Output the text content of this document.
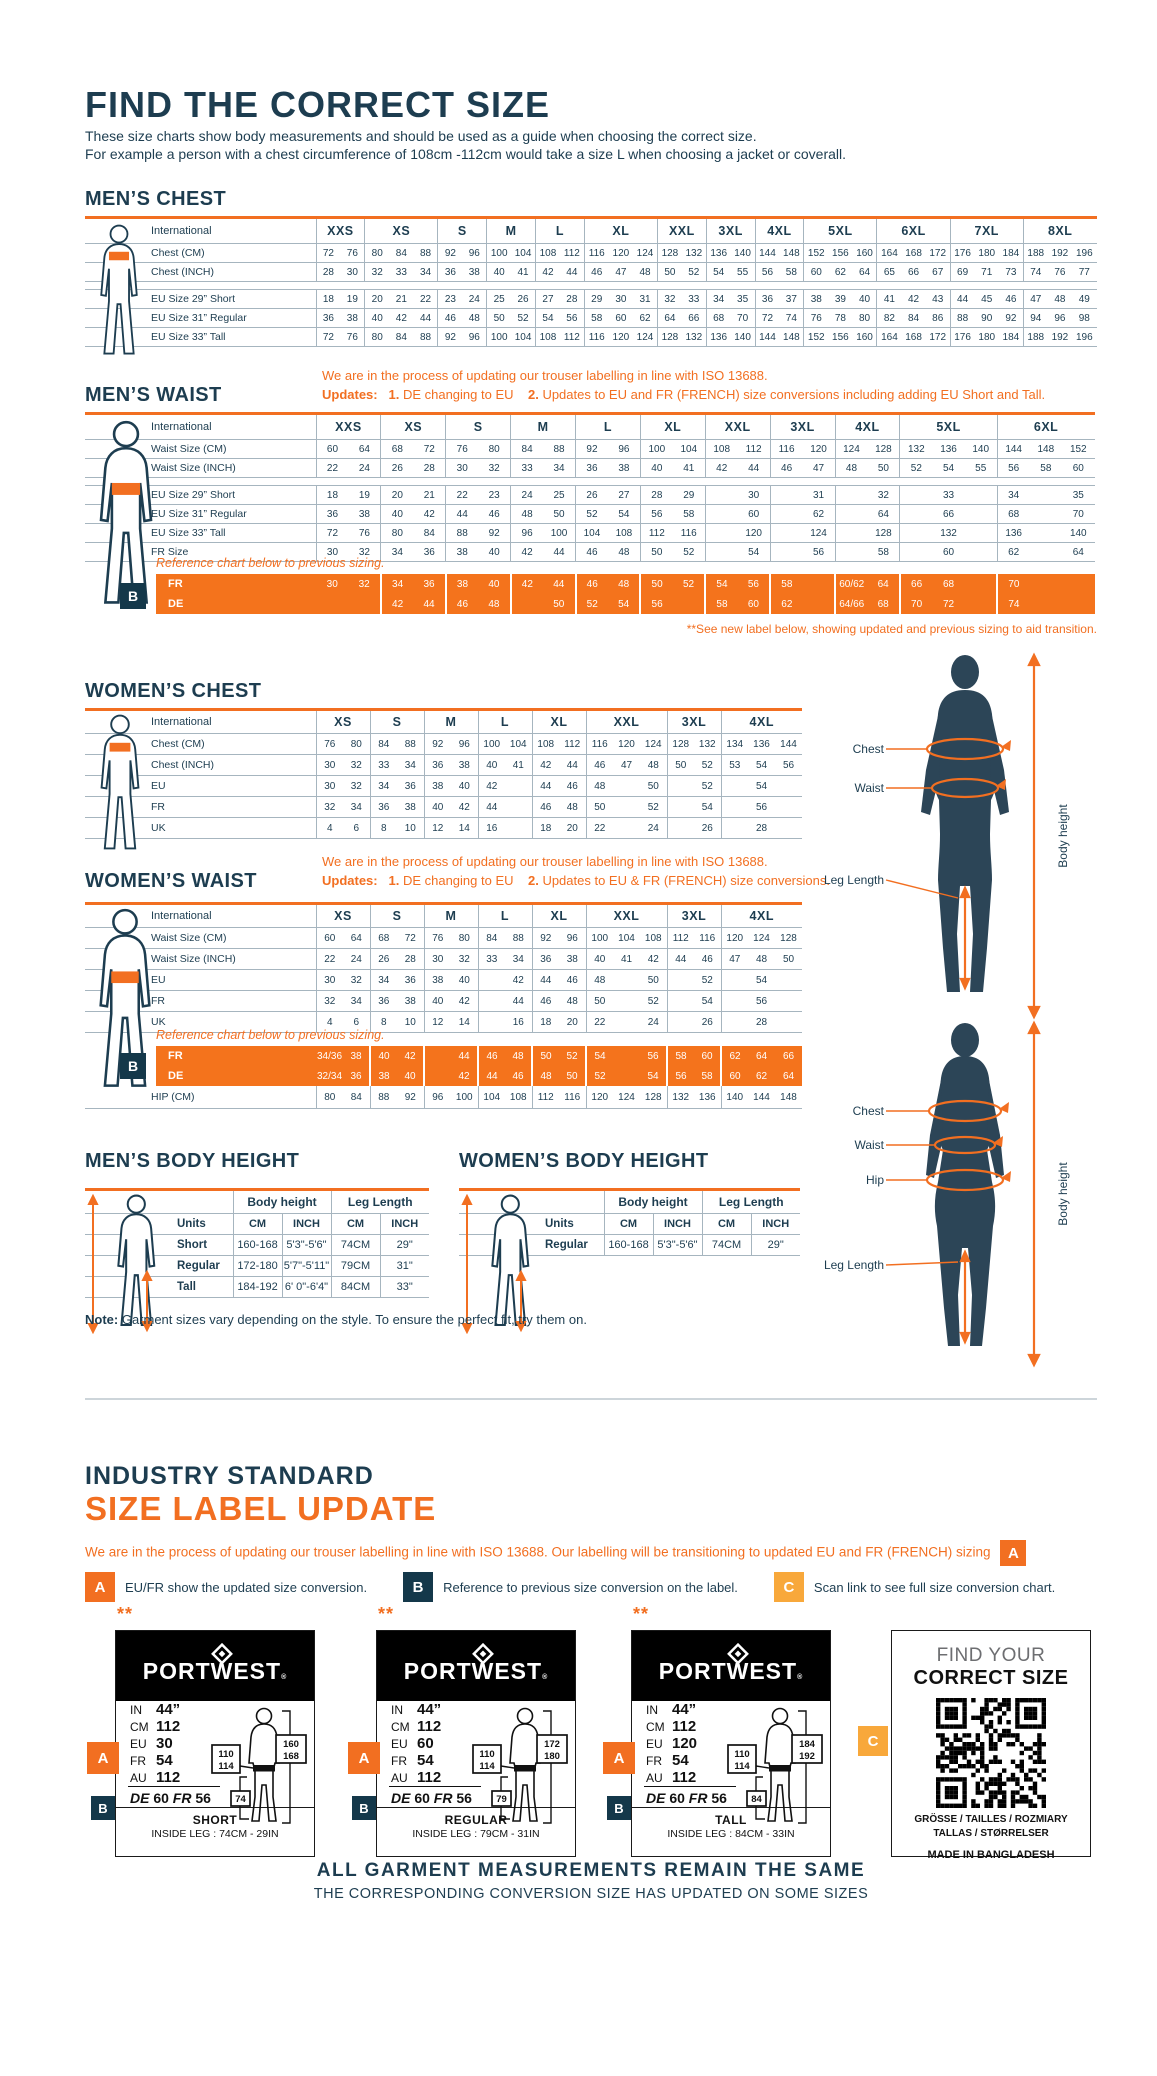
FIND THE CORRECT SIZE

These size charts show body measurements and should be used as a guide when choosing the correct size.

For example a person with a chest circumference of 108cm -112cm would take a size L when choosing a jacket or coverall.

MEN’S CHEST
International	XXS		XS			S		M		L		XL			XXL		3XL		4XL		5XL			6XL			7XL			8XL		
Chest (CM)	72	76	80	84	88	92	96	100	104	108	112	116	120	124	128	132	136	140	144	148	152	156	160	164	168	172	176	180	184	188	192	196
Chest (INCH)	28	30	32	33	34	36	38	40	41	42	44	46	47	48	50	52	54	55	56	58	60	62	64	65	66	67	69	71	73	74	76	77

EU Size 29” Short	18	19	20	21	22	23	24	25	26	27	28	29	30	31	32	33	34	35	36	37	38	39	40	41	42	43	44	45	46	47	48	49
EU Size 31” Regular	36	38	40	42	44	46	48	50	52	54	56	58	60	62	64	66	68	70	72	74	76	78	80	82	84	86	88	90	92	94	96	98
EU Size 33” Tall	72	76	80	84	88	92	96	100	104	108	112	116	120	124	128	132	136	140	144	148	152	156	160	164	168	172	176	180	184	188	192	196
We are in the process of updating our trouser labelling in line with ISO 13688.
Updates: 1. DE changing to EU 2. Updates to EU and FR (FRENCH) size conversions including adding EU Short and Tall.
MEN’S WAIST
International	XXS		XS		S		M		L		XL		XXL		3XL		4XL		5XL			6XL		
Waist Size (CM)	60	64	68	72	76	80	84	88	92	96	100	104	108	112	116	120	124	128	132	136	140	144	148	152
Waist Size (INCH)	22	24	26	28	30	32	33	34	36	38	40	41	42	44	46	47	48	50	52	54	55	56	58	60

EU Size 29” Short	18	19	20	21	22	23	24	25	26	27	28	29		30		31		32		33		34		35
EU Size 31” Regular	36	38	40	42	44	46	48	50	52	54	56	58		60		62		64		66		68		70
EU Size 33” Tall	72	76	80	84	88	92	96	100	104	108	112	116		120		124		128		132		136		140
FR Size	30	32	34	36	38	40	42	44	46	48	50	52		54		56		58		60		62		64
Reference chart below to previous sizing.
FR	30	32	34	36	38	40	42	44	46	48	50	52	54	56	58		60/62	64	66	68		70		
DE			42	44	46	48		50	52	54	56		58	60	62		64/66	68	70	72		74		
B
**See new label below, showing updated and previous sizing to aid transition.
WOMEN’S CHEST
International	XS		S		M		L		XL		XXL			3XL		4XL		
Chest (CM)	76	80	84	88	92	96	100	104	108	112	116	120	124	128	132	134	136	144
Chest (INCH)	30	32	33	34	36	38	40	41	42	44	46	47	48	50	52	53	54	56
EU	30	32	34	36	38	40	42		44	46	48		50		52		54	
FR	32	34	36	38	40	42	44		46	48	50		52		54		56	
UK	4	6	8	10	12	14	16		18	20	22		24		26		28	
We are in the process of updating our trouser labelling in line with ISO 13688.
Updates: 1. DE changing to EU 2. Updates to EU & FR (FRENCH) size conversions.
WOMEN’S WAIST
International	XS		S		M		L		XL		XXL			3XL		4XL		
Waist Size (CM)	60	64	68	72	76	80	84	88	92	96	100	104	108	112	116	120	124	128
Waist Size (INCH)	22	24	26	28	30	32	33	34	36	38	40	41	42	44	46	47	48	50
EU	30	32	34	36	38	40		42	44	46	48		50		52		54	
FR	32	34	36	38	40	42		44	46	48	50		52		54		56	
UK	4	6	8	10	12	14		16	18	20	22		24		26		28	
Reference chart below to previous sizing.
FR	34/36	38	40	42		44	46	48	50	52	54		56	58	60	62	64	66
DE	32/34	36	38	40		42	44	46	48	50	52		54	56	58	60	62	64
B
HIP (CM)	80	84	88	92	96	100	104	108	112	116	120	124	128	132	136	140	144	148
MEN’S BODY HEIGHT
	Body height		Leg Length	
Units	CM	INCH	CM	INCH
Short	160-168	5'3"-5'6"	74CM	29"
Regular	172-180	5'7"-5'11"	79CM	31"
Tall	184-192	6' 0"-6'4"	84CM	33"
WOMEN’S BODY HEIGHT
	Body height		Leg Length	
Units	CM	INCH	CM	INCH
Regular	160-168	5'3"-5'6"	74CM	29"
Chest
Waist
Leg Length
Body height
Chest
Waist
Hip
Leg Length
Body height
Note: Garment sizes vary depending on the style. To ensure the perfect fit, try them on.
INDUSTRY STANDARD
SIZE LABEL UPDATE
We are in the process of updating our trouser labelling in line with ISO 13688. Our labelling will be transitioning to updated EU and FR (FRENCH) sizing A
A	EU/FR show the updated size conversion.	B	Reference to previous size conversion on the label.	C	Scan link to see full size conversion chart.
**
PORTWEST®
IN 44”
CM 112
EU 30
FR 54
AU 112
DE 60 FR 56
160
168
110
114
74
SHORT
INSIDE LEG : 74CM - 29IN
A
B
**
PORTWEST®
IN 44”
CM 112
EU 60
FR 54
AU 112
DE 60 FR 56
172
180
110
114
79
REGULAR
INSIDE LEG : 79CM - 31IN
A
B
**
PORTWEST®
IN 44”
CM 112
EU 120
FR 54
AU 112
DE 60 FR 56
184
192
110
114
84
TALL
INSIDE LEG : 84CM - 33IN
A
B
FIND YOUR
CORRECT SIZE
GRÖSSE / TAILLES / ROZMIARY
TALLAS / STØRRELSER
MADE IN BANGLADESH
C
ALL GARMENT MEASUREMENTS REMAIN THE SAME
THE CORRESPONDING CONVERSION SIZE HAS UPDATED ON SOME SIZES
